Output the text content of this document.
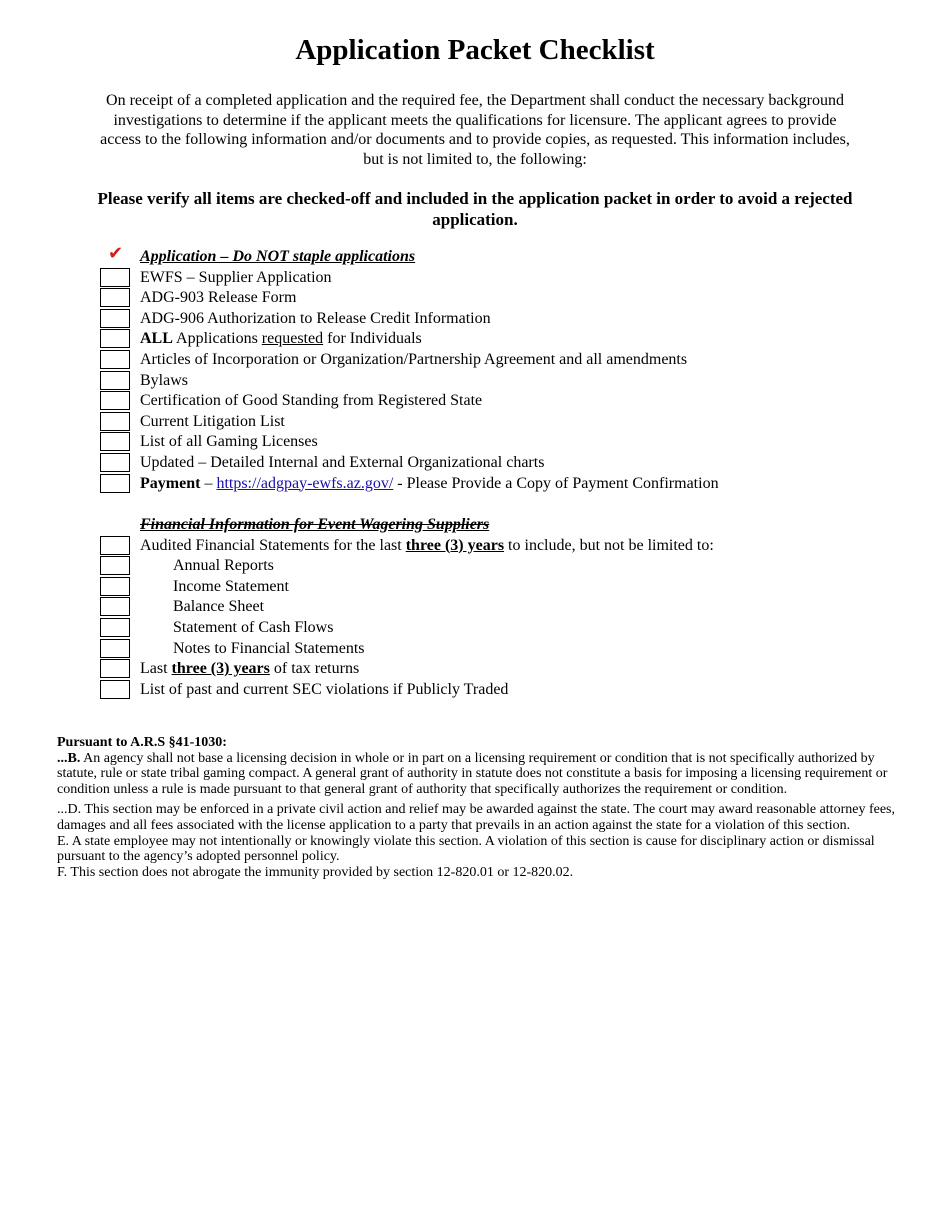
Application Packet Checklist

On receipt of a completed application and the required fee, the Department shall conduct the necessary background investigations to determine if the applicant meets the qualifications for licensure. The applicant agrees to provide access to the following information and/or documents and to provide copies, as requested. This information includes, but is not limited to, the following:

Please verify all items are checked-off and included in the application packet in order to avoid a rejected application.

✔ Application – Do NOT staple applications
EWFS – Supplier Application
ADG-903 Release Form
ADG-906 Authorization to Release Credit Information
ALL Applications requested for Individuals
Articles of Incorporation or Organization/Partnership Agreement and all amendments
Bylaws
Certification of Good Standing from Registered State
Current Litigation List
List of all Gaming Licenses
Updated – Detailed Internal and External Organizational charts
Payment – https://adgpay-ewfs.az.gov/ - Please Provide a Copy of Payment Confirmation
Financial Information for Event Wagering Suppliers
Audited Financial Statements for the last three (3) years to include, but not be limited to:
Annual Reports
Income Statement
Balance Sheet
Statement of Cash Flows
Notes to Financial Statements
Last three (3) years of tax returns
List of past and current SEC violations if Publicly Traded

Pursuant to A.R.S §41-1030:

...B. An agency shall not base a licensing decision in whole or in part on a licensing requirement or condition that is not specifically authorized by statute, rule or state tribal gaming compact. A general grant of authority in statute does not constitute a basis for imposing a licensing requirement or condition unless a rule is made pursuant to that general grant of authority that specifically authorizes the requirement or condition.

...D. This section may be enforced in a private civil action and relief may be awarded against the state. The court may award reasonable attorney fees, damages and all fees associated with the license application to a party that prevails in an action against the state for a violation of this section.

E. A state employee may not intentionally or knowingly violate this section. A violation of this section is cause for disciplinary action or dismissal pursuant to the agency’s adopted personnel policy.

F. This section does not abrogate the immunity provided by section 12-820.01 or 12-820.02.
